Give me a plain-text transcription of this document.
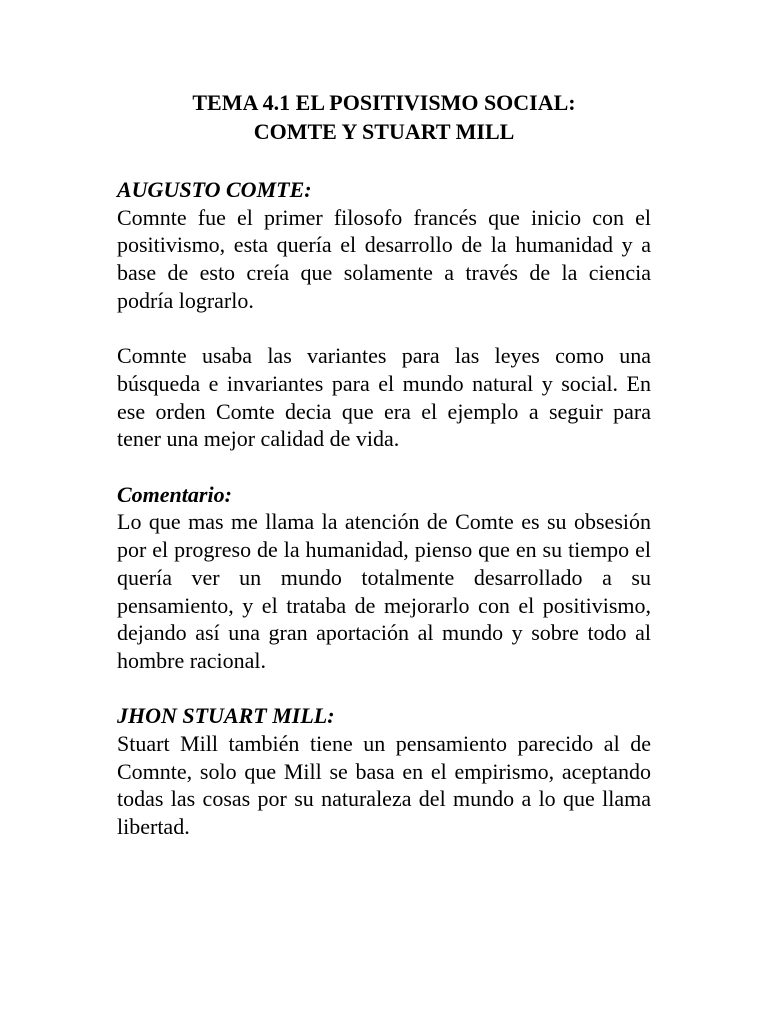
TEMA 4.1 EL POSITIVISMO SOCIAL:
COMTE Y STUART MILL
AUGUSTO COMTE:

Comnte fue el primer filosofo francés que inicio con el positivismo, esta quería el desarrollo de la humanidad y a base de esto creía que solamente a través de la ciencia podría lograrlo.

Comnte usaba las variantes para las leyes como una búsqueda e invariantes para el mundo natural y social. En ese orden Comte decia que era el ejemplo a seguir para tener una mejor calidad de vida.

Comentario:

Lo que mas me llama la atención de Comte es su obsesión por el progreso de la humanidad, pienso que en su tiempo el quería ver un mundo totalmente desarrollado a su pensamiento, y el trataba de mejorarlo con el positivismo, dejando así una gran aportación al mundo y sobre todo al hombre racional.

JHON STUART MILL:

Stuart Mill también tiene un pensamiento parecido al de Comnte, solo que Mill se basa en el empirismo, aceptando todas las cosas por su naturaleza del mundo a lo que llama libertad.
